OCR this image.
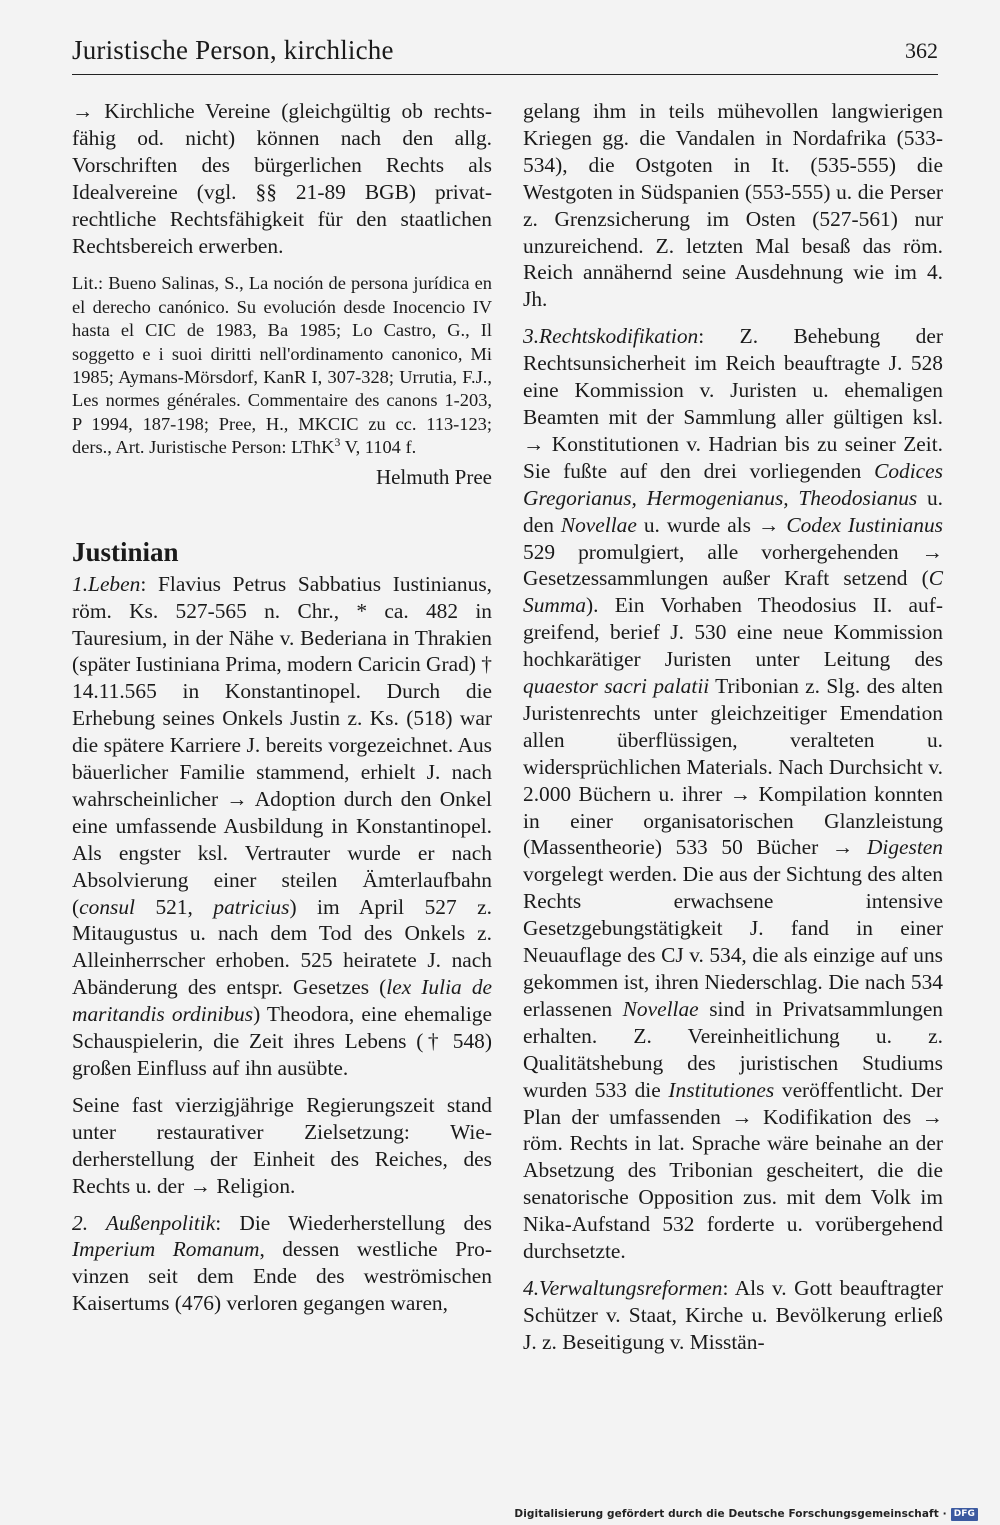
Juristische Person, kirchliche	362

→ Kirchliche Vereine (gleichgültig ob rechtsfähig od. nicht) können nach den allg. Vorschriften des bürgerlichen Rechts als Idealvereine (vgl. §§ 21-89 BGB) privatrechtliche Rechtsfähigkeit für den staatlichen Rechtsbereich erwerben.

Lit.: Bueno Salinas, S., La noción de persona jurídica en el derecho canónico. Su evolución desde Inocencio IV hasta el CIC de 1983, Ba 1985; Lo Castro, G., Il soggetto e i suoi diritti nell'ordinamento canonico, Mi 1985; Aymans-Mörsdorf, KanR I, 307-328; Urrutia, F.J., Les normes générales. Commentaire des canons 1-203, P 1994, 187-198; Pree, H., MKCIC zu cc. 113-123; ders., Art. Juristische Person: LThK$^3$ V, 1104 f.

Helmuth Pree

Justinian

1.Leben: Flavius Petrus Sabbatius Iustinianus, röm. Ks. 527-565 n. Chr., * ca. 482 in Tauresium, in der Nähe v. Bederiana in Thrakien (später Iustiniana Prima, modern Caricin Grad) † 14.11.565 in Konstantinopel. Durch die Erhebung seines Onkels Justin z. Ks. (518) war die spätere Karriere J. bereits vorgezeichnet. Aus bäuerlicher Familie stammend, erhielt J. nach wahrscheinlicher → Adoption durch den Onkel eine umfassende Ausbildung in Konstantinopel. Als engster ksl. Vertrauter wurde er nach Absolvierung einer steilen Ämterlaufbahn (consul 521, patricius) im April 527 z. Mitaugustus u. nach dem Tod des Onkels z. Alleinherrscher erhoben. 525 heiratete J. nach Abänderung des entspr. Gesetzes (lex Iulia de maritandis ordinibus) Theodora, eine ehemalige Schauspielerin, die Zeit ihres Lebens († 548) großen Einfluss auf ihn ausübte.

Seine fast vierzigjährige Regierungszeit stand unter restaurativer Zielsetzung: Wiederherstellung der Einheit des Reiches, des Rechts u. der → Religion.

2. Außenpolitik: Die Wiederherstellung des Imperium Romanum, dessen westliche Provinzen seit dem Ende des weströmischen Kaisertums (476) verloren gegangen waren,

gelang ihm in teils mühevollen langwierigen Kriegen gg. die Vandalen in Nordafrika (533-534), die Ostgoten in It. (535-555) die Westgoten in Südspanien (553-555) u. die Perser z. Grenzsicherung im Osten (527-561) nur unzureichend. Z. letzten Mal besaß das röm. Reich annähernd seine Ausdehnung wie im 4. Jh.

3.Rechtskodifikation: Z. Behebung der Rechtsunsicherheit im Reich beauftragte J. 528 eine Kommission v. Juristen u. ehemaligen Beamten mit der Sammlung aller gültigen ksl. → Konstitutionen v. Hadrian bis zu seiner Zeit. Sie fußte auf den drei vorliegenden Codices Gregorianus, Hermogenianus, Theodosianus u. den Novellae u. wurde als → Codex Iustinianus 529 promulgiert, alle vorhergehenden → Gesetzessammlungen außer Kraft setzend (C Summa). Ein Vorhaben Theodosius II. aufgreifend, berief J. 530 eine neue Kommission hochkarätiger Juristen unter Leitung des quaestor sacri palatii Tribonian z. Slg. des alten Juristenrechts unter gleichzeitiger Emendation allen überflüssigen, veralteten u. widersprüchlichen Materials. Nach Durchsicht v. 2.000 Büchern u. ihrer → Kompilation konnten in einer organisatorischen Glanzleistung (Massentheorie) 533 50 Bücher → Digesten vorgelegt werden. Die aus der Sichtung des alten Rechts erwachsene intensive Gesetzgebungstätigkeit J. fand in einer Neuauflage des CJ v. 534, die als einzige auf uns gekommen ist, ihren Niederschlag. Die nach 534 erlassenen Novellae sind in Privatsammlungen erhalten. Z. Vereinheitlichung u. z. Qualitätshebung des juristischen Studiums wurden 533 die Institutiones veröffentlicht. Der Plan der umfassenden → Kodifikation des → röm. Rechts in lat. Sprache wäre beinahe an der Absetzung des Tribonian gescheitert, die die senatorische Opposition zus. mit dem Volk im Nika-Aufstand 532 forderte u. vorübergehend durchsetzte.

4.Verwaltungsreformen: Als v. Gott beauftragter Schützer v. Staat, Kirche u. Bevölkerung erließ J. z. Beseitigung v. Misstän-

Digitalisierung gefördert durch die Deutsche Forschungsgemeinschaft · DFG
